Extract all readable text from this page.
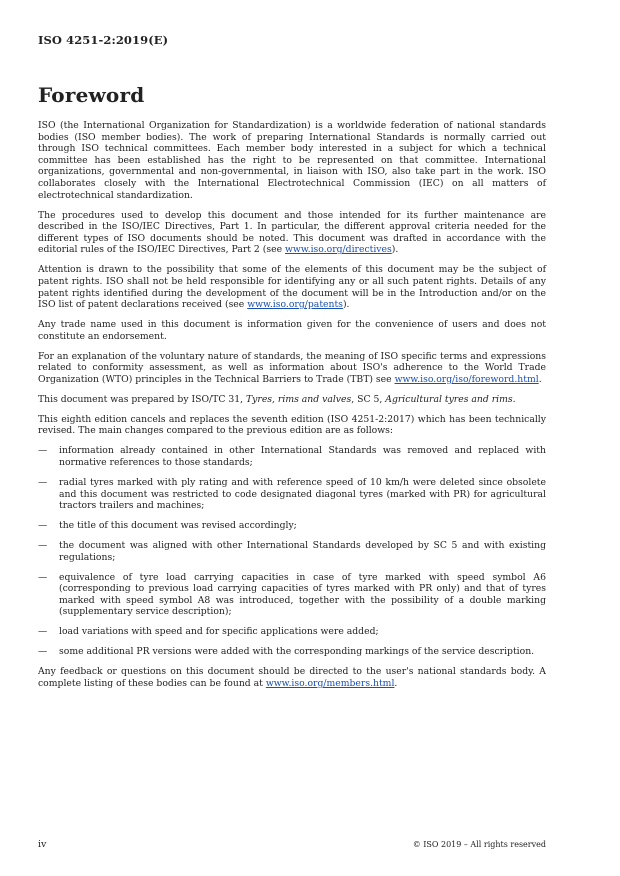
ISO 4251-2:2019(E)
Foreword

ISO (the International Organization for Standardization) is a worldwide federation of national standards bodies (ISO member bodies). The work of preparing International Standards is normally carried out through ISO technical committees. Each member body interested in a subject for which a technical committee has been established has the right to be represented on that committee. International organizations, governmental and non-governmental, in liaison with ISO, also take part in the work. ISO collaborates closely with the International Electrotechnical Commission (IEC) on all matters of electrotechnical standardization.

The procedures used to develop this document and those intended for its further maintenance are described in the ISO/IEC Directives, Part 1. In particular, the different approval criteria needed for the different types of ISO documents should be noted. This document was drafted in accordance with the editorial rules of the ISO/IEC Directives, Part 2 (see www.iso.org/directives).

Attention is drawn to the possibility that some of the elements of this document may be the subject of patent rights. ISO shall not be held responsible for identifying any or all such patent rights. Details of any patent rights identified during the development of the document will be in the Introduction and/or on the ISO list of patent declarations received (see www.iso.org/patents).

Any trade name used in this document is information given for the convenience of users and does not constitute an endorsement.

For an explanation of the voluntary nature of standards, the meaning of ISO specific terms and expressions related to conformity assessment, as well as information about ISO's adherence to the World Trade Organization (WTO) principles in the Technical Barriers to Trade (TBT) see www.iso.org/iso/foreword.html.

This document was prepared by ISO/TC 31, Tyres, rims and valves, SC 5, Agricultural tyres and rims.

This eighth edition cancels and replaces the seventh edition (ISO 4251-2:2017) which has been technically revised. The main changes compared to the previous edition are as follows:

— information already contained in other International Standards was removed and replaced with normative references to those standards;
— radial tyres marked with ply rating and with reference speed of 10 km/h were deleted since obsolete and this document was restricted to code designated diagonal tyres (marked with PR) for agricultural tractors trailers and machines;
— the title of this document was revised accordingly;
— the document was aligned with other International Standards developed by SC 5 and with existing regulations;
— equivalence of tyre load carrying capacities in case of tyre marked with speed symbol A6 (corresponding to previous load carrying capacities of tyres marked with PR only) and that of tyres marked with speed symbol A8 was introduced, together with the possibility of a double marking (supplementary service description);
— load variations with speed and for specific applications were added;
— some additional PR versions were added with the corresponding markings of the service description.

Any feedback or questions on this document should be directed to the user's national standards body. A complete listing of these bodies can be found at www.iso.org/members.html.

iv	© ISO 2019 – All rights reserved
